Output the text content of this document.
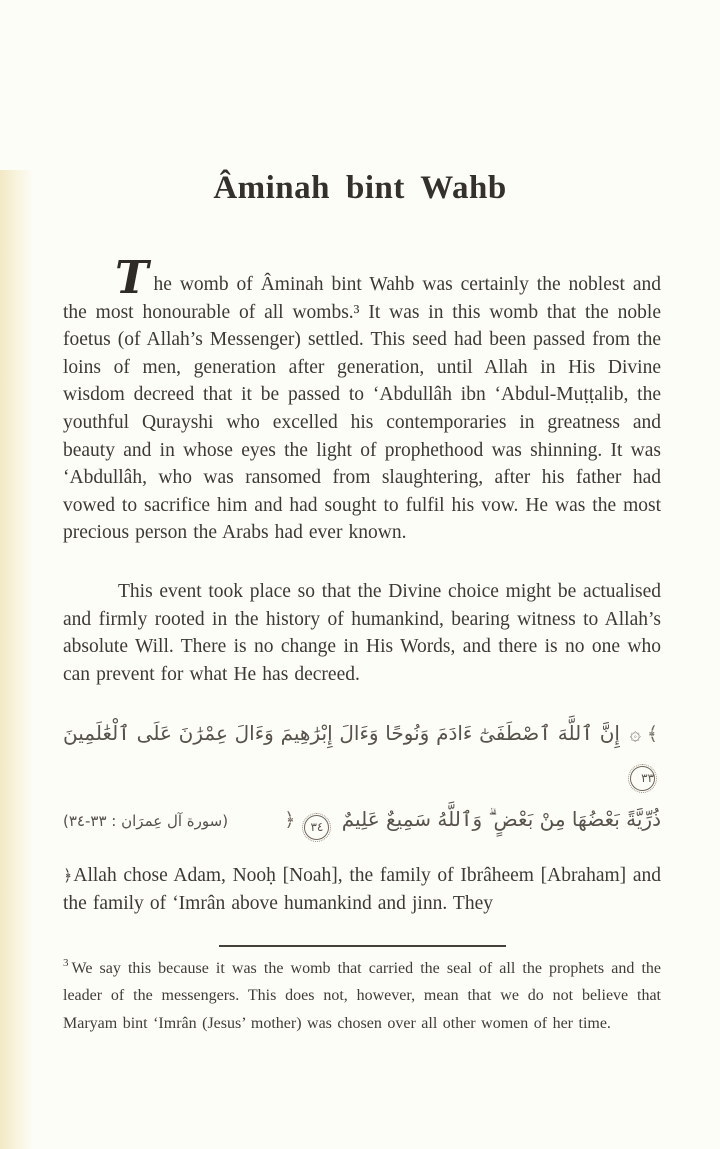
Âminah bint Wahb

The womb of Âminah bint Wahb was certainly the noblest and the most honourable of all wombs.³ It was in this womb that the noble foetus (of Allah’s Messenger) settled. This seed had been passed from the loins of men, generation after generation, until Allah in His Divine wisdom decreed that it be passed to ‘Abdullâh ibn ‘Abdul-Muṭṭalib, the youthful Qurayshi who excelled his contemporaries in greatness and beauty and in whose eyes the light of prophethood was shinning. It was ‘Abdullâh, who was ransomed from slaughtering, after his father had vowed to sacrifice him and had sought to fulfil his vow. He was the most precious person the Arabs had ever known.

This event took place so that the Divine choice might be actualised and firmly rooted in the history of humankind, bearing witness to Allah’s absolute Will. There is no change in His Words, and there is no one who can prevent for what He has decreed.

﴾۞ إِنَّ ٱللَّهَ ٱصْطَفَىٰٓ ءَادَمَ وَنُوحًا وَءَالَ إِبْرَٰهِيمَ وَءَالَ عِمْرَٰنَ عَلَى ٱلْعَٰلَمِينَ ٣٣

ذُرِّيَّةً بَعْضُهَا مِنْ بَعْضٍ ۗ وَٱللَّهُ سَمِيعٌ عَلِيمٌ ٣٤﴿
(سورة آل عِمرَان : ٣٣-٣٤)

﴿Allah chose Adam, Nooḥ [Noah], the family of Ibrâheem [Abraham] and the family of ‘Imrân above humankind and jinn. They

$^3$ We say this because it was the womb that carried the seal of all the prophets and the leader of the messengers. This does not, however, mean that we do not believe that Maryam bint ‘Imrân (Jesus’ mother) was chosen over all other women of her time.
